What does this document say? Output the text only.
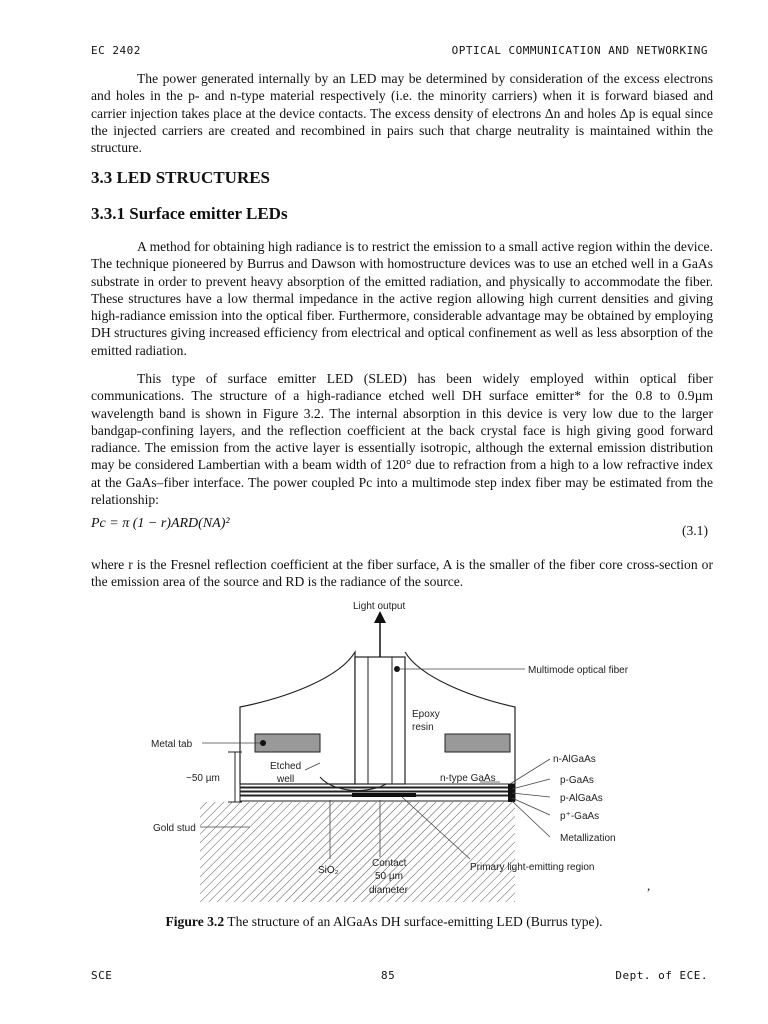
EC 2402	OPTICAL COMMUNICATION AND NETWORKING
The power generated internally by an LED may be determined by consideration of the excess electrons and holes in the p- and n-type material respectively (i.e. the minority carriers) when it is forward biased and carrier injection takes place at the device contacts. The excess density of electrons Δn and holes Δp is equal since the injected carriers are created and recombined in pairs such that charge neutrality is maintained within the structure.
3.3 LED STRUCTURES
3.3.1 Surface emitter LEDs
A method for obtaining high radiance is to restrict the emission to a small active region within the device. The technique pioneered by Burrus and Dawson with homostructure devices was to use an etched well in a GaAs substrate in order to prevent heavy absorption of the emitted radiation, and physically to accommodate the fiber. These structures have a low thermal impedance in the active region allowing high current densities and giving high-radiance emission into the optical fiber. Furthermore, considerable advantage may be obtained by employing DH structures giving increased efficiency from electrical and optical confinement as well as less absorption of the emitted radiation.
This type of surface emitter LED (SLED) has been widely employed within optical fiber communications. The structure of a high-radiance etched well DH surface emitter* for the 0.8 to 0.9µm wavelength band is shown in Figure 3.2. The internal absorption in this device is very low due to the larger bandgap-confining layers, and the reflection coefficient at the back crystal face is high giving good forward radiance. The emission from the active layer is essentially isotropic, although the external emission distribution may be considered Lambertian with a beam width of 120° due to refraction from a high to a low refractive index at the GaAs–fiber interface. The power coupled Pc into a multimode step index fiber may be estimated from the relationship:
Pc = π (1 − r)ARD(NA)²	(3.1)
where r is the Fresnel reflection coefficient at the fiber surface, A is the smaller of the fiber core cross-section or the emission area of the source and RD is the radiance of the source.
Light output
Multimode optical fiber
Epoxy
resin
Metal tab
Etched
well
~50 µm	n-type GaAs
n-AlGaAs
p-GaAs
p-AlGaAs
p⁺-GaAs
Metallization
Gold stud
SiO₂
Contact
50 µm
diameter
Primary light-emitting region
,
Figure 3.2 The structure of an AlGaAs DH surface-emitting LED (Burrus type).
SCE	85	Dept. of ECE.
